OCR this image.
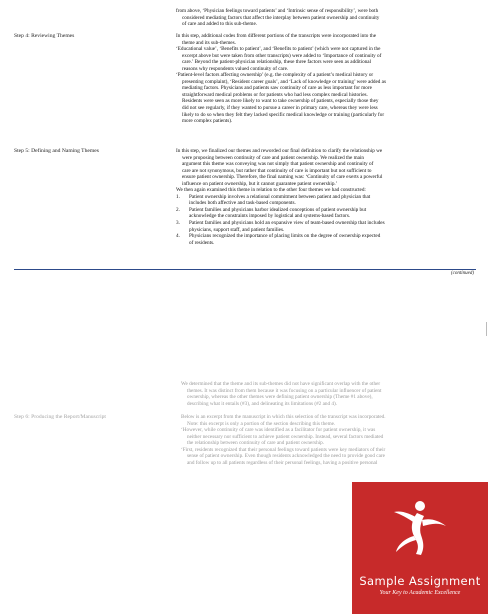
from above, ‘Physician feelings toward patients’ and ‘Intrinsic sense of responsibility’, were both

considered mediating factors that affect the interplay between patient ownership and continuity

of care and added to this sub-theme.

Step 4: Reviewing Themes	In this step, additional codes from different portions of the transcripts were incorporated into the

theme and its sub-themes.

‘Educational value’, ‘Benefits to patient’, and ‘Benefits to patient’ (which were not captured in the

excerpt above but were taken from other transcripts) were added to ‘Importance of continuity of

care.’ Beyond the patient-physician relationship, these three factors were seen as additional

reasons why respondents valued continuity of care.

‘Patient-level factors affecting ownership’ (e.g. the complexity of a patient’s medical history or

presenting complaint), ‘Resident career goals’, and ‘Lack of knowledge or training’ were added as

mediating factors. Physicians and patients saw continuity of care as less important for more

straightforward medical problems or for patients who had less complex medical histories.

Residents were seen as more likely to want to take ownership of patients, especially those they

did not see regularly, if they wanted to pursue a career in primary care, whereas they were less

likely to do so when they felt they lacked specific medical knowledge or training (particularly for

more complex patients).

Step 5: Defining and Naming Themes	In this step, we finalized our themes and reworded our final definition to clarify the relationship we

were proposing between continuity of care and patient ownership. We realized the main

argument this theme was conveying was not simply that patient ownership and continuity of

care are not synonymous, but rather that continuity of care is important but not sufficient to

ensure patient ownership. Therefore, the final naming was: ‘Continuity of care exerts a powerful

influence on patient ownership, but it cannot guarantee patient ownership.’

We then again examined this theme in relation to the other four themes we had constructed:

1.	Patient ownership involves a relational commitment between patient and physician that
includes both affective and task-based components.
2.	Patient families and physicians harbor idealized conceptions of patient ownership but
acknowledge the constraints imposed by logistical and systems-based factors.
3.	Patient families and physicians hold an expansive view of team-based ownership that includes
physicians, support staff, and patient families.
4.	Physicians recognized the importance of placing limits on the degree of ownership expected
of residents.
(continued)

We determined that the theme and its sub-themes did not have significant overlap with the other

themes. It was distinct from them because it was focusing on a particular influencer of patient

ownership, whereas the other themes were defining patient ownership (Theme #1 above),

describing what it entails (#3), and delineating its limitations (#2 and 4).

Step 6: Producing the Report/Manuscript	Below is an excerpt from the manuscript in which this selection of the transcript was incorporated.

Note: this excerpt is only a portion of the section describing this theme.

‘However, while continuity of care was identified as a facilitator for patient ownership, it was

neither necessary nor sufficient to achieve patient ownership. Instead, several factors mediated

the relationship between continuity of care and patient ownership.

‘First, residents recognized that their personal feelings toward patients were key mediators of their

sense of patient ownership. Even though residents acknowledged the need to provide good care

and follow up to all patients regardless of their personal feelings, having a positive personal

Sample Assignment
Your Key to Academic Excellence
